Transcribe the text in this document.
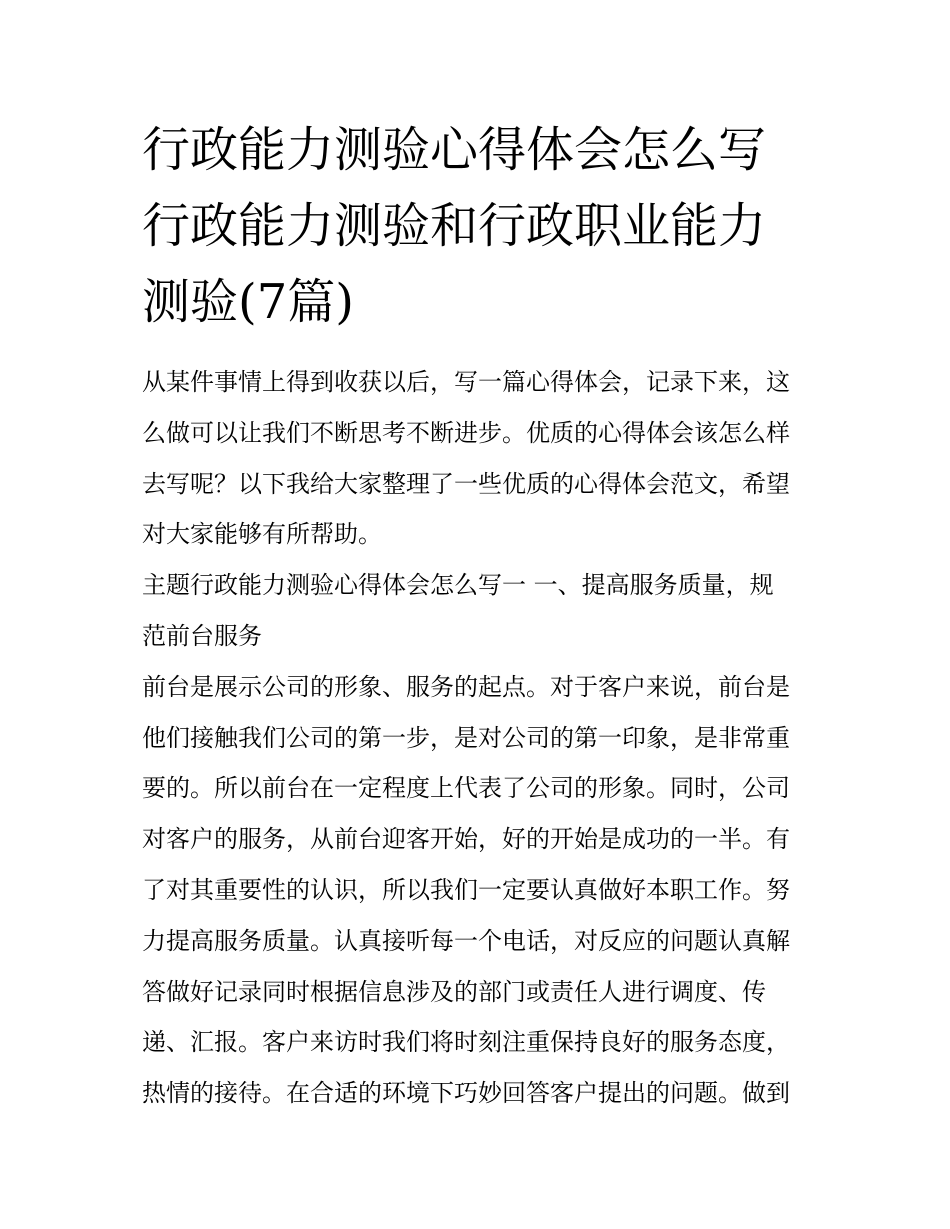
行政能力测验心得体会怎么写
行政能力测验和行政职业能力
测验(7篇)

从某件事情上得到收获以后，写一篇心得体会，记录下来，这
么做可以让我们不断思考不断进步。优质的心得体会该怎么样
去写呢？以下我给大家整理了一些优质的心得体会范文，希望
对大家能够有所帮助。

主题行政能力测验心得体会怎么写一 一、提高服务质量，规
范前台服务

前台是展示公司的形象、服务的起点。对于客户来说，前台是
他们接触我们公司的第一步，是对公司的第一印象，是非常重
要的。所以前台在一定程度上代表了公司的形象。同时，公司
对客户的服务，从前台迎客开始，好的开始是成功的一半。有
了对其重要性的认识，所以我们一定要认真做好本职工作。努
力提高服务质量。认真接听每一个电话，对反应的问题认真解
答做好记录同时根据信息涉及的部门或责任人进行调度、传
递、汇报。客户来访时我们将时刻注重保持良好的服务态度，
热情的接待。在合适的环境下巧妙回答客户提出的问题。做到
